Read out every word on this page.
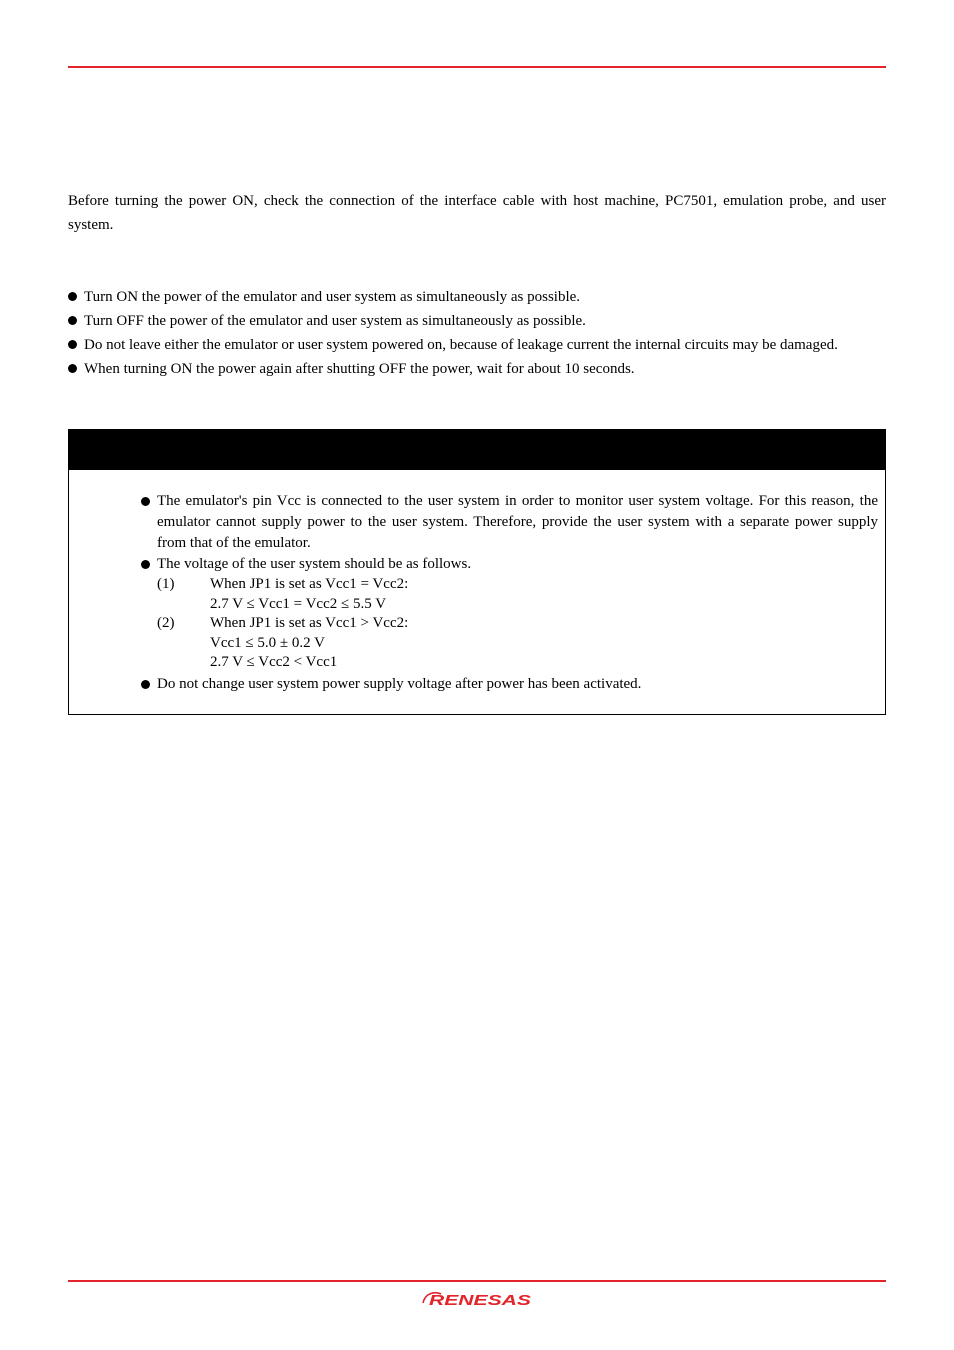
Before turning the power ON, check the connection of the interface cable with host machine, PC7501, emulation probe, and user system.

Turn ON the power of the emulator and user system as simultaneously as possible.
Turn OFF the power of the emulator and user system as simultaneously as possible.
Do not leave either the emulator or user system powered on, because of leakage current the internal circuits may be damaged.
When turning ON the power again after shutting OFF the power, wait for about 10 seconds.
The emulator's pin Vcc is connected to the user system in order to monitor user system voltage. For this reason, the emulator cannot supply power to the user system. Therefore, provide the user system with a separate power supply from that of the emulator.
The voltage of the user system should be as follows.
(1) When JP1 is set as Vcc1 = Vcc2:
2.7 V ≤ Vcc1 = Vcc2 ≤ 5.5 V
(2) When JP1 is set as Vcc1 > Vcc2:
Vcc1 ≤ 5.0 ± 0.2 V
2.7 V ≤ Vcc2 < Vcc1
Do not change user system power supply voltage after power has been activated.
RENESAS
